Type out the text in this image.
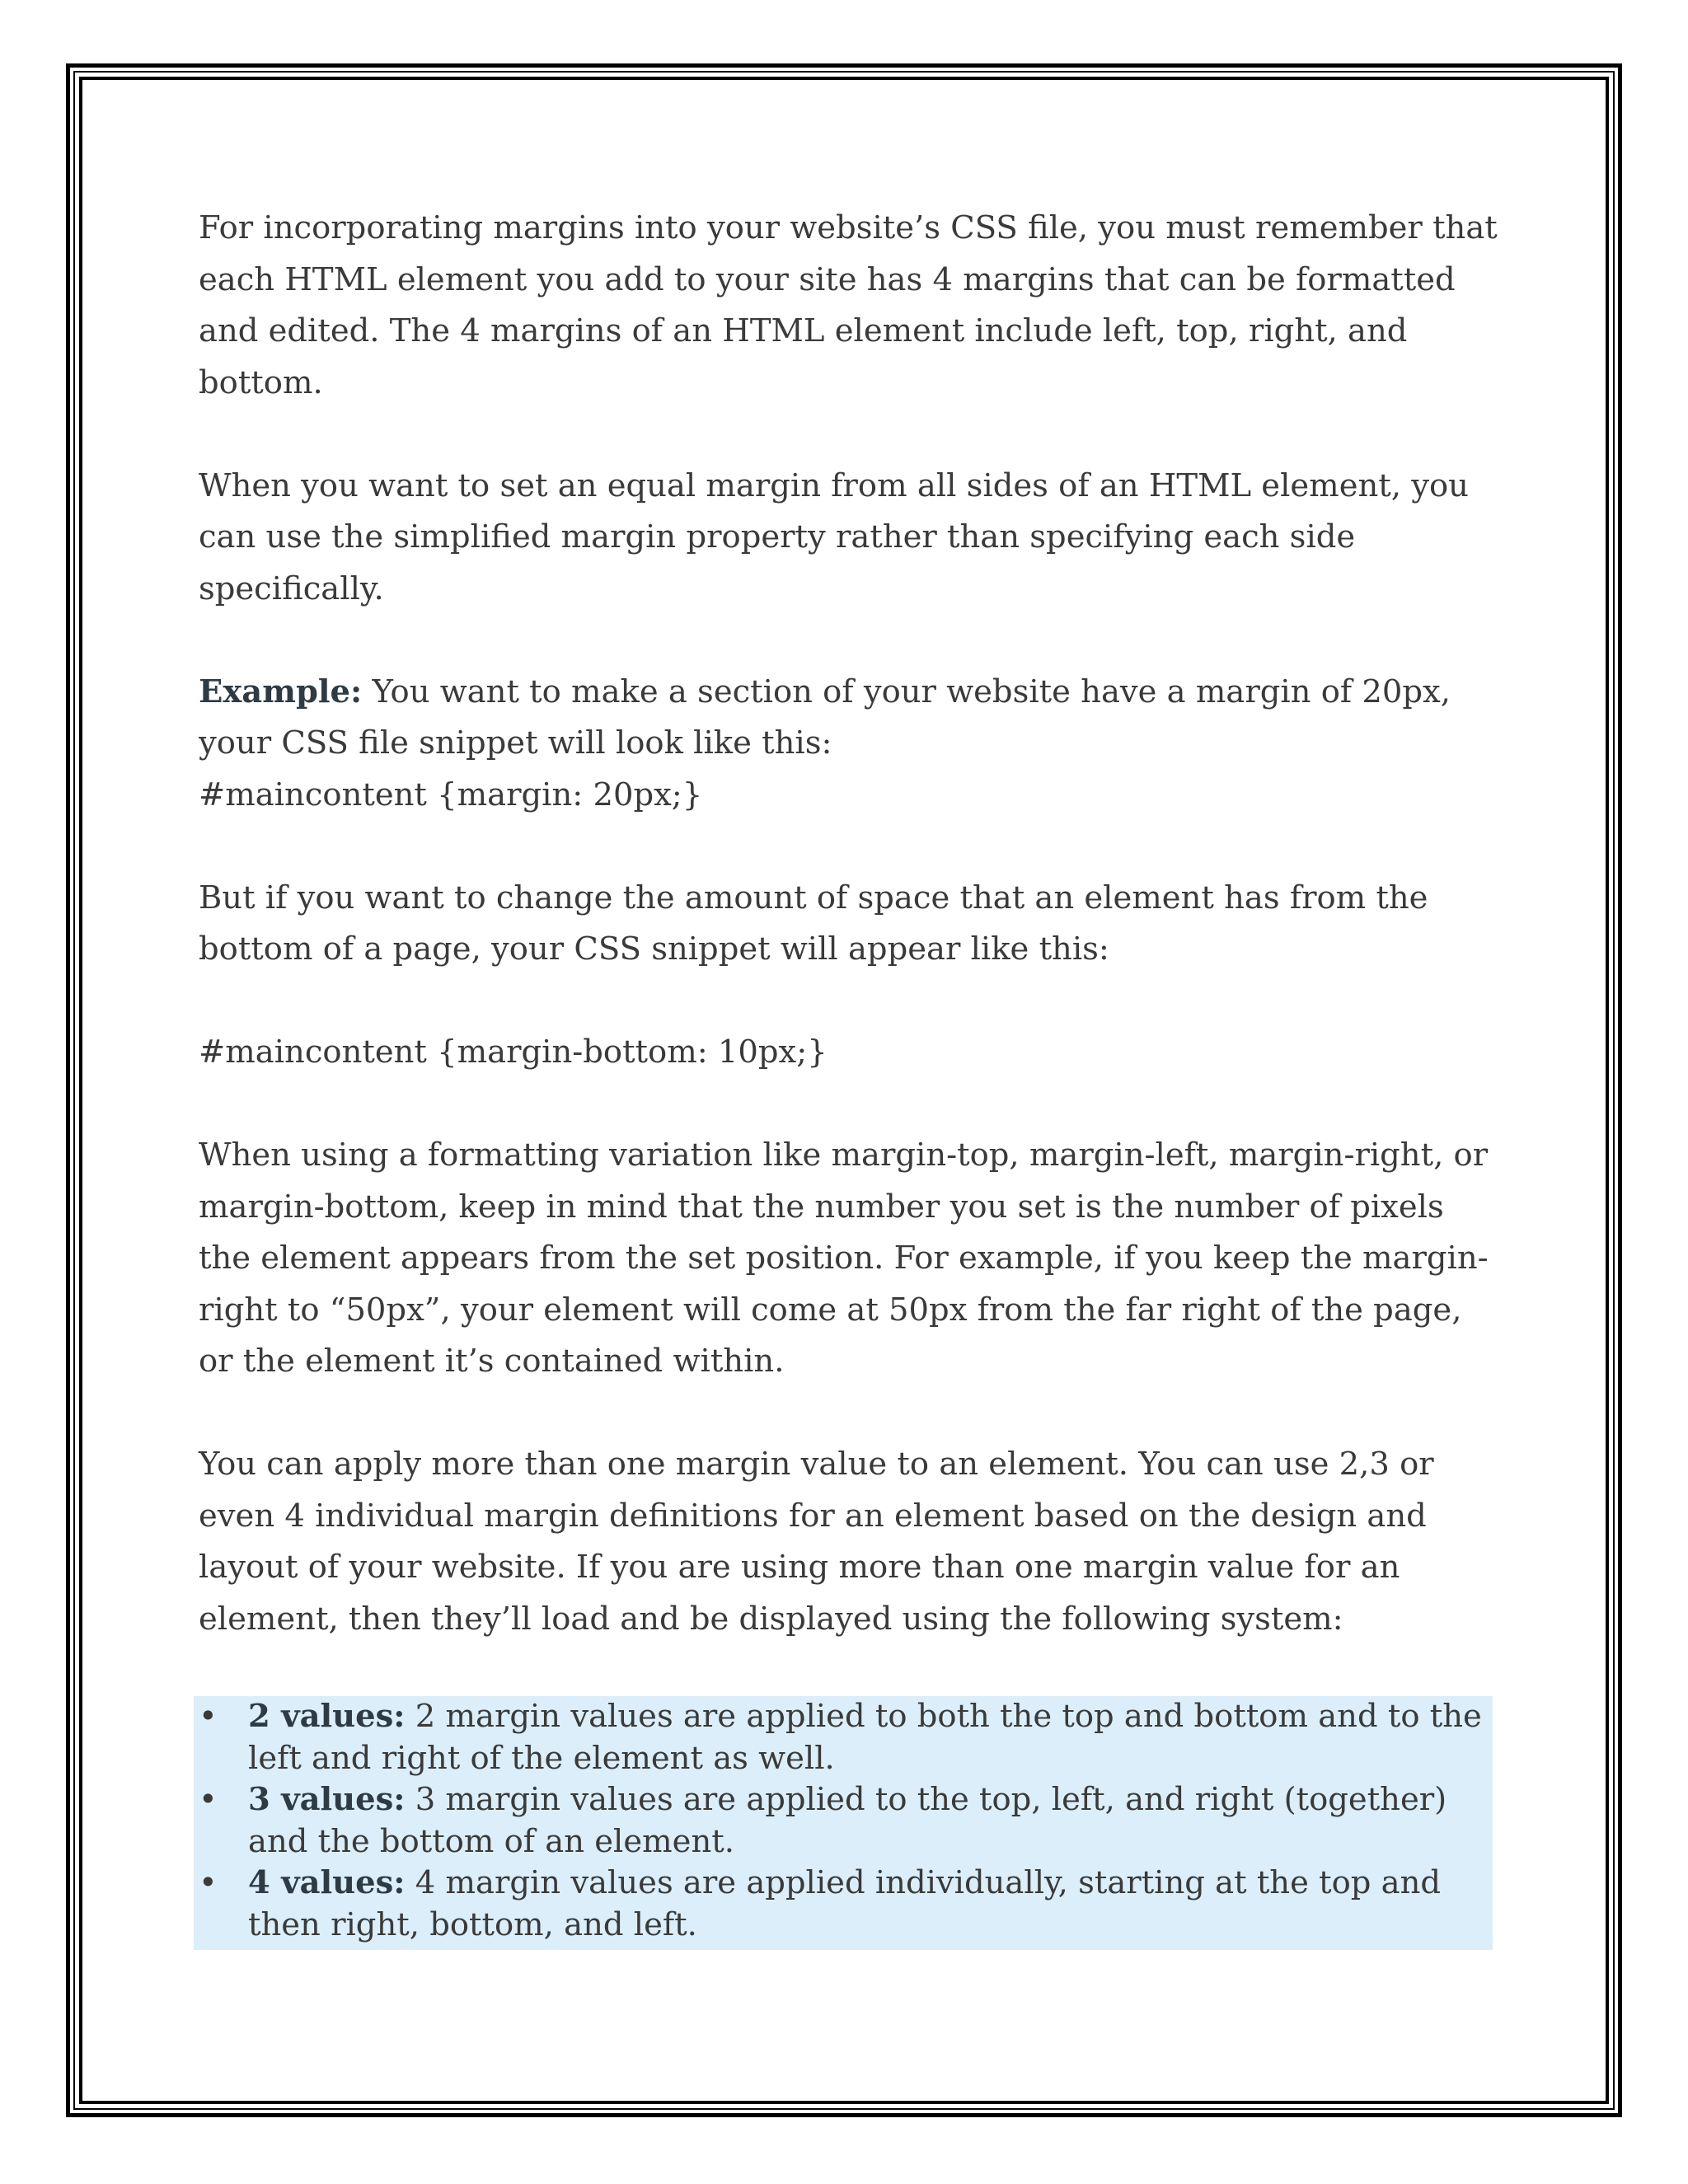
For incorporating margins into your website’s CSS file, you must remember that each HTML element you add to your site has 4 margins that can be formatted and edited. The 4 margins of an HTML element include left, top, right, and bottom.

When you want to set an equal margin from all sides of an HTML element, you can use the simplified margin property rather than specifying each side specifically.

Example: You want to make a section of your website have a margin of 20px, your CSS file snippet will look like this:

#maincontent {margin: 20px;}

But if you want to change the amount of space that an element has from the bottom of a page, your CSS snippet will appear like this:

#maincontent {margin-bottom: 10px;}

When using a formatting variation like margin-top, margin-left, margin-right, or margin-bottom, keep in mind that the number you set is the number of pixels the element appears from the set position. For example, if you keep the margin-right to “50px”, your element will come at 50px from the far right of the page, or the element it’s contained within.

You can apply more than one margin value to an element. You can use 2,3 or even 4 individual margin definitions for an element based on the design and layout of your website. If you are using more than one margin value for an element, then they’ll load and be displayed using the following system:

• 2 values: 2 margin values are applied to both the top and bottom and to the left and right of the element as well.
• 3 values: 3 margin values are applied to the top, left, and right (together) and the bottom of an element.
• 4 values: 4 margin values are applied individually, starting at the top and then right, bottom, and left.
